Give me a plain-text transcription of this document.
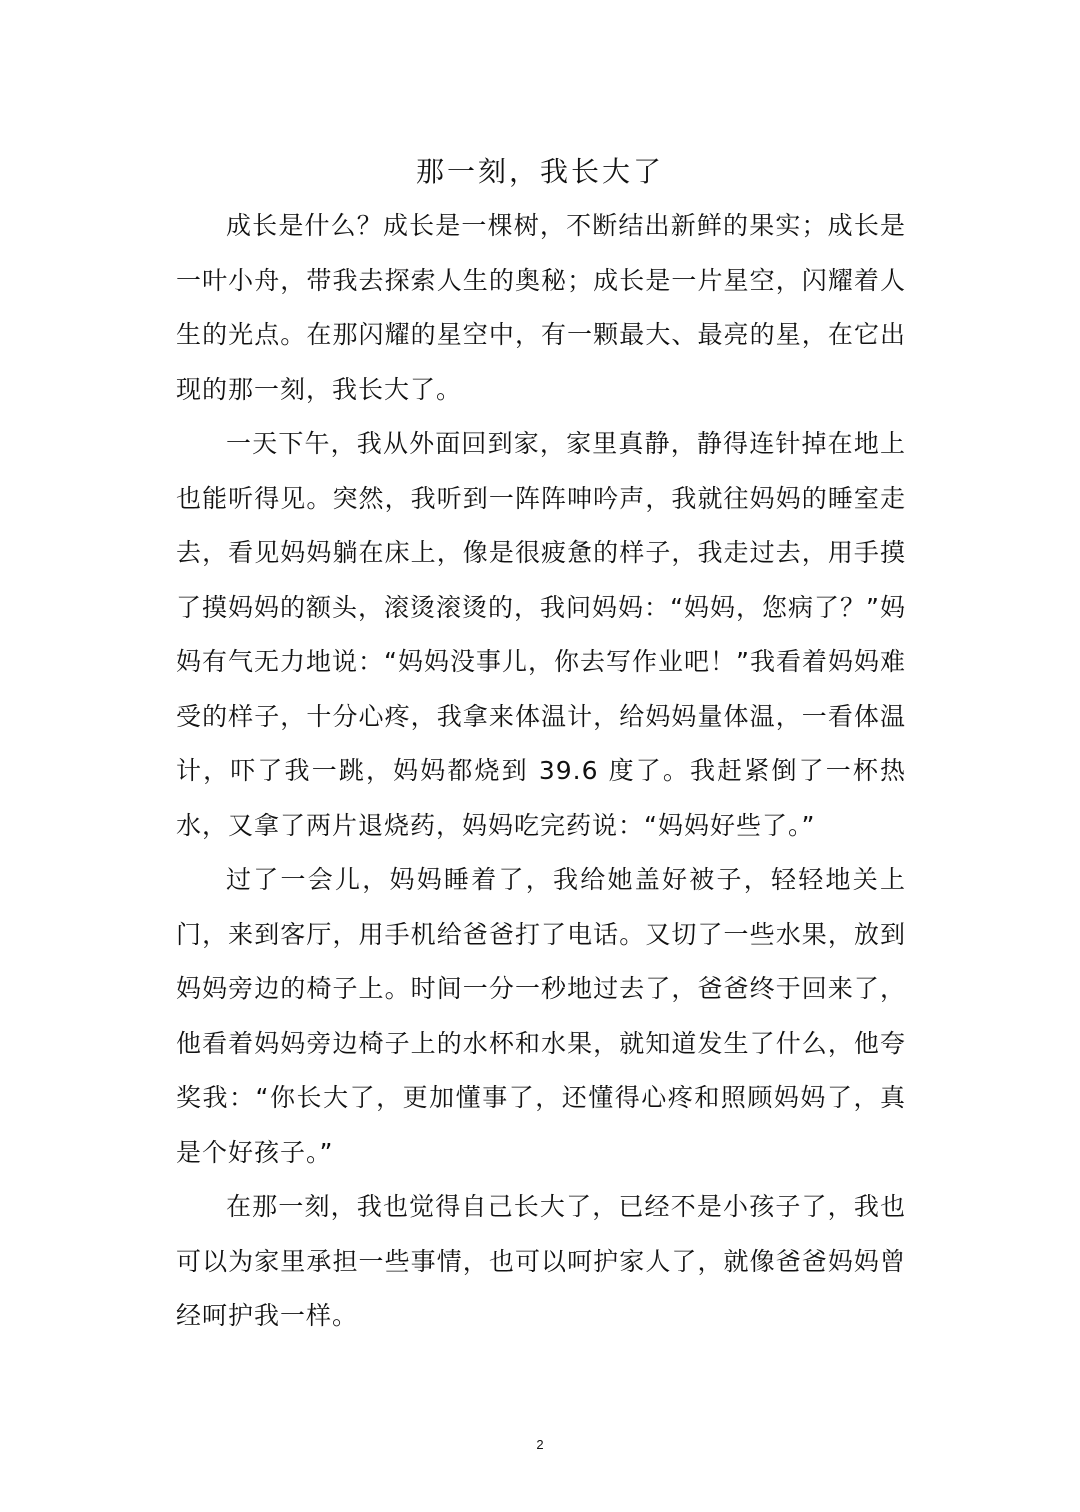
那一刻，我长大了

成长是什么？成长是一棵树，不断结出新鲜的果实；成长是一叶小舟，带我去探索人生的奥秘；成长是一片星空，闪耀着人生的光点。在那闪耀的星空中，有一颗最大、最亮的星，在它出现的那一刻，我长大了。

一天下午，我从外面回到家，家里真静，静得连针掉在地上也能听得见。突然，我听到一阵阵呻吟声，我就往妈妈的睡室走去，看见妈妈躺在床上，像是很疲惫的样子，我走过去，用手摸了摸妈妈的额头，滚烫滚烫的，我问妈妈：“妈妈，您病了？”妈妈有气无力地说：“妈妈没事儿，你去写作业吧！”我看着妈妈难受的样子，十分心疼，我拿来体温计，给妈妈量体温，一看体温计，吓了我一跳，妈妈都烧到 39.6 度了。我赶紧倒了一杯热水，又拿了两片退烧药，妈妈吃完药说：“妈妈好些了。”

过了一会儿，妈妈睡着了，我给她盖好被子，轻轻地关上门，来到客厅，用手机给爸爸打了电话。又切了一些水果，放到妈妈旁边的椅子上。时间一分一秒地过去了，爸爸终于回来了，他看着妈妈旁边椅子上的水杯和水果，就知道发生了什么，他夸奖我：“你长大了，更加懂事了，还懂得心疼和照顾妈妈了，真是个好孩子。”

在那一刻，我也觉得自己长大了，已经不是小孩子了，我也可以为家里承担一些事情，也可以呵护家人了，就像爸爸妈妈曾经呵护我一样。

2
